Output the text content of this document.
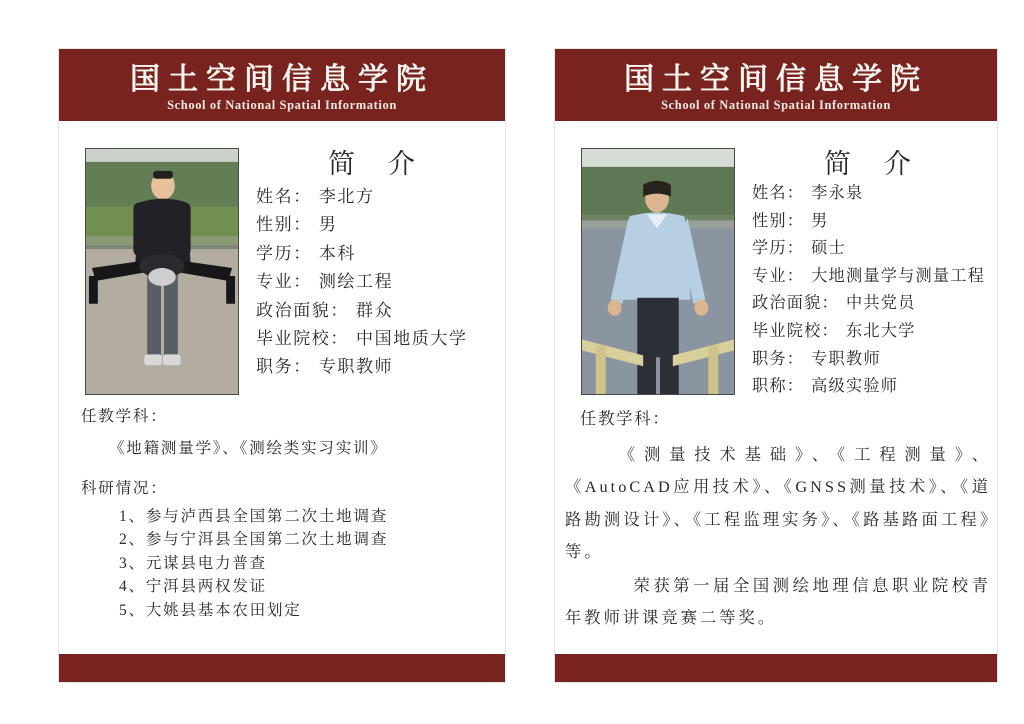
国土空间信息学院
School of National Spatial Information
简　介
姓名： 李北方
性别： 男
学历： 本科
专业： 测绘工程
政治面貌： 群众
毕业院校： 中国地质大学
职务： 专职教师
任教学科：
《地籍测量学》、《测绘类实习实训》
科研情况：
1、参与泸西县全国第二次土地调查
2、参与宁洱县全国第二次土地调查
3、元谋县电力普查
4、宁洱县两权发证
5、大姚县基本农田划定
国土空间信息学院
School of National Spatial Information
简　介
姓名： 李永泉
性别： 男
学历： 硕士
专业： 大地测量学与测量工程
政治面貌： 中共党员
毕业院校： 东北大学
职务： 专职教师
职称： 高级实验师
任教学科：

《测量技术基础》、《工程测量》、《AutoCAD应用技术》、《GNSS测量技术》、《道路勘测设计》、《工程监理实务》、《路基路面工程》等。

荣获第一届全国测绘地理信息职业院校青年教师讲课竞赛二等奖。
